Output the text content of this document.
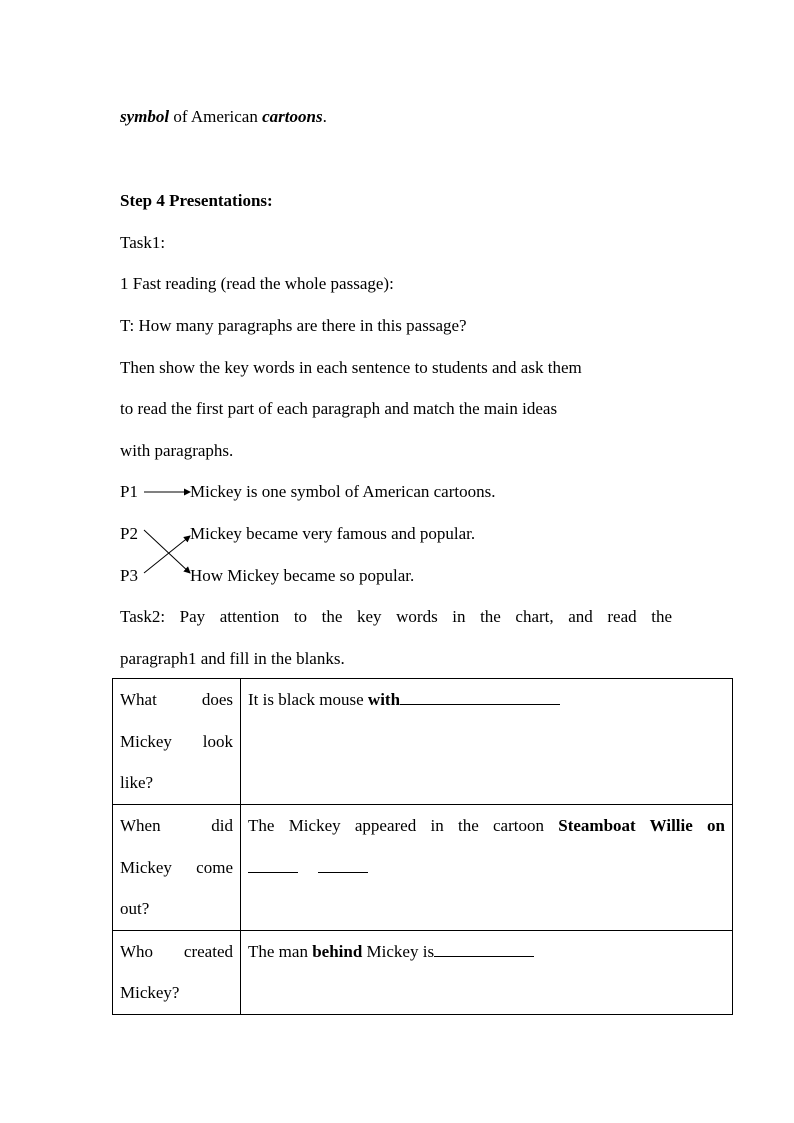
symbol of American cartoons.
Step 4 Presentations:
Task1:
1 Fast reading (read the whole passage):
T: How many paragraphs are there in this passage?
Then show the key words in each sentence to students and ask them
to read the first part of each paragraph and match the main ideas
with paragraphs.
P1
P2
P3
Mickey is one symbol of American cartoons.
Mickey became very famous and popular.
How Mickey became so popular.
Task2: Pay attention to the key words in the chart, and read the
paragraph1 and fill in the blanks.
What does
Mickey look
like?	It is black mouse with

When did
Mickey come
out?	The Mickey appeared in the cartoon Steamboat Willie on

Who created
Mickey?	The man behind Mickey is
